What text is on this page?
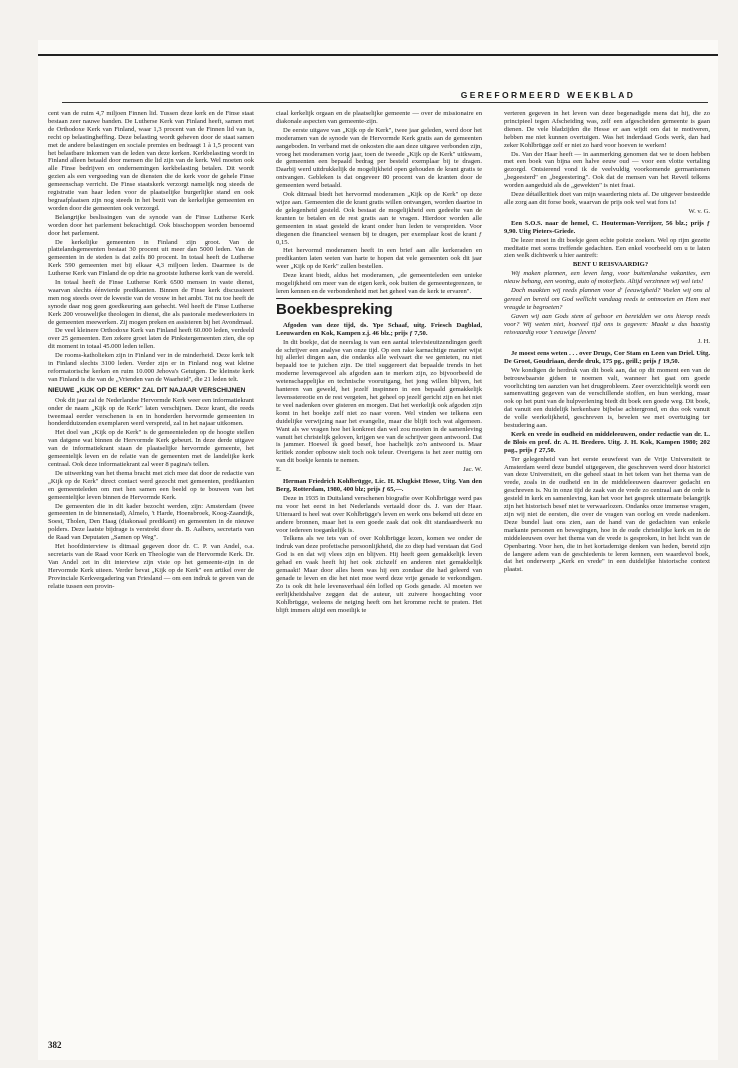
GEREFORMEERD WEEKBLAD

cent van de ruim 4,7 miljoen Finnen lid. Tussen deze kerk en de Finse staat bestaan zeer nauwe banden. De Lutherse Kerk van Finland heeft, samen met de Orthodoxe Kerk van Finland, waar 1,3 procent van de Finnen lid van is, recht op belastingheffing. Deze belasting wordt geheven door de staat samen met de andere belastingen en sociale premies en bedraagt 1 à 1,5 procent van het belastbare inkomen van de leden van deze kerken. Kerkbelasting wordt in Finland alleen betaald door mensen die lid zijn van de kerk. Wel moeten ook alle Finse bedrijven en ondernemingen kerkbelasting betalen. Dit wordt gezien als een vergoeding van de diensten die de kerk voor de gehele Finse gemeenschap verricht. De Finse staatskerk verzorgt namelijk nog steeds de registratie van haar leden voor de plaatselijke burgerlijke stand en ook begraafplaatsen zijn nog steeds in het bezit van de kerkelijke gemeenten en worden door die gemeenten ook verzorgd.

Belangrijke beslissingen van de synode van de Finse Lutherse Kerk worden door het parlement bekrachtigd. Ook bisschoppen worden benoemd door het parlement.

De kerkelijke gemeenten in Finland zijn groot. Van de plattelandsgemeenten bestaat 30 procent uit meer dan 5000 leden. Van de gemeenten in de steden is dat zelfs 80 procent. In totaal heeft de Lutherse Kerk 590 gemeenten met bij elkaar 4,3 miljoen leden. Daarmee is de Lutherse Kerk van Finland de op drie na grootste lutherse kerk van de wereld.

In totaal heeft de Finse Lutherse Kerk 6500 mensen in vaste dienst, waarvan slechts éénvierde predikanten. Binnen de Finse kerk discussieert men nog steeds over de kwestie van de vrouw in het ambt. Tot nu toe heeft de synode daar nog geen goedkeuring aan gehecht. Wel heeft de Finse Lutherse Kerk 200 vrouwelijke theologen in dienst, die als pastorale medewerksters in de gemeenten meewerken. Zij mogen preken en assisteren bij het Avondmaal.

De veel kleinere Orthodoxe Kerk van Finland heeft 60.000 leden, verdeeld over 25 gemeenten. Een zekere groei laten de Pinkstergemeenten zien, die op dit moment in totaal 45.000 leden tellen.

De rooms-katholieken zijn in Finland ver in de minderheid. Deze kerk telt in Finland slechts 3100 leden. Verder zijn er in Finland nog wat kleine reformatorische kerken en ruim 10.000 Jehova's Getuigen. De kleinste kerk van Finland is die van de „Vrienden van de Waarheid", die 21 leden telt.

NIEUWE „KIJK OP DE KERK" ZAL DIT NAJAAR VERSCHIJNEN

Ook dit jaar zal de Nederlandse Hervormde Kerk weer een informatiekrant onder de naam „Kijk op de Kerk" laten verschijnen. Deze krant, die reeds tweemaal eerder verschenen is en in honderden hervormde gemeenten in honderdduizenden exemplaren werd verspreid, zal in het najaar uitkomen.

Het doel van „Kijk op de Kerk" is de gemeenteleden op de hoogte stellen van datgene wat binnen de Hervormde Kerk gebeurt. In deze derde uitgave van de informatiekrant staan de plaatselijke hervormde gemeente, het gemeentelijk leven en de relatie van de gemeenten met de landelijke kerk centraal. Ook deze informatiekrant zal weer 8 pagina's tellen.

De uitwerking van het thema bracht met zich mee dat door de redactie van „Kijk op de Kerk" direct contact werd gezocht met gemeenten, predikanten en gemeenteleden om met hen samen een beeld op te bouwen van het gemeentelijke leven binnen de Hervormde Kerk.

De gemeenten die in dit kader bezocht werden, zijn: Amsterdam (twee gemeenten in de binnenstad), Almelo, 't Harde, Hoensbroek, Koog-Zaandijk, Soest, Tholen, Den Haag (diakonaal predikant) en gemeenten in de nieuwe polders. Deze laatste bijdrage is verstrekt door ds. B. Aalbers, secretaris van de Raad van Deputaten „Samen op Weg".

Het hoofdinterview is ditmaal gegeven door dr. C. P. van Andel, o.a. secretaris van de Raad voor Kerk en Theologie van de Hervormde Kerk. Dr. Van Andel zet in dit interview zijn visie op het gemeente-zijn in de Hervormde Kerk uiteen. Verder bevat „Kijk op de Kerk" een artikel over de Provinciale Kerkvergadering van Friesland — om een indruk te geven van de relatie tussen een provin-

ciaal kerkelijk orgaan en de plaatselijke gemeente — over de missionaire en diakonale aspecten van gemeente-zijn.

De eerste uitgave van „Kijk op de Kerk", twee jaar geleden, werd door het moderamen van de synode van de Hervormde Kerk gratis aan de gemeenten aangeboden. In verband met de onkosten die aan deze uitgave verbonden zijn, vroeg het moderamen vorig jaar, toen de tweede „Kijk op de Kerk" uitkwam, de gemeenten een bepaald bedrag per besteld exemplaar bij te dragen. Daarbij werd uitdrukkelijk de mogelijkheid open gehouden de krant gratis te ontvangen. Gebleken is dat ongeveer 80 procent van de kranten door de gemeenten werd betaald.

Ook ditmaal biedt het hervormd moderamen „Kijk op de Kerk" op deze wijze aan. Gemeenten die de krant gratis willen ontvangen, worden daartoe in de gelegenheid gesteld. Ook bestaat de mogelijkheid een gedeelte van de kranten te betalen en de rest gratis aan te vragen. Hierdoor worden alle gemeenten in staat gesteld de krant onder hun leden te verspreiden. Voor diegenen die financieel wensen bij te dragen, per exemplaar kost de krant ƒ 0,15.

Het hervormd moderamen heeft in een brief aan alle kerkeraden en predikanten laten weten van harte te hopen dat vele gemeenten ook dit jaar weer „Kijk op de Kerk" zullen bestellen.

Deze krant biedt, aldus het moderamen, „de gemeenteleden een unieke mogelijkheid om meer van de eigen kerk, ook buiten de gemeentegrenzen, te leren kennen en de verbondenheid met het geheel van de kerk te ervaren".

Boekbespreking

Afgoden van deze tijd, ds. Ype Schaaf, uitg. Friesch Dagblad, Leeuwarden en Kok, Kampen z.j. 46 blz.; prijs ƒ 7,50.

In dit boekje, dat de neerslag is van een aantal televisieuitzendingen geeft de schrijver een analyse van onze tijd. Op een rake karnachtige manier wijst hij allerlei dingen aan, die ondanks alle welvaart die we genieten, nu niet bepaald toe te juichen zijn. De titel suggereert dat bepaalde trends in het moderne levensgevoel als afgoden aan te merken zijn, zo bijvoorbeeld de wetenschappelijke en technische vooruitgang, het jong willen blijven, het hanteren van geweld, het jezelf inspinnen in een bepaald gemakkelijk levensstereotie en de rest vergeten, het geheel op jezelf gericht zijn en het niet te veel nadenken over gisteren en morgen. Dat het werkelijk ook afgoden zijn komt in het boekje zelf niet zo naar voren. Wel vinden we telkens een duidelijke verwijzing naar het evangelie, maar die blijft toch wat algemeen. Want als we vragen hoe het konkreet dan wel zou moeten in de samenleving vanuit het christelijk geloven, krijgen we van de schrijver geen antwoord. Dat is jammer. Hoewel ik goed besef, hoe hachelijk zo'n antwoord is. Maar kritiek zonder opbouw stelt toch ook teleur. Overigens is het zeer nuttig om van dit boekje kennis te nemen.

E.	Jac. W.

Herman Friedrich Kohlbrügge, Lic. H. Klugkist Hesse, Uitg. Van den Berg, Rotterdam, 1980, 400 blz; prijs ƒ 65,—.

Deze in 1935 in Duitsland verschenen biografie over Kohlbrügge werd pas nu voor het eerst in het Nederlands vertaald door ds. J. van der Haar. Uiteraard is heel wat over Kohlbrügge's leven en werk ons bekend uit deze en andere bronnen, maar het is een goede zaak dat ook dit standaardwerk nu voor iedereen toegankelijk is.

Telkens als we iets van of over Kohlbrügge lezen, komen we onder de indruk van deze profetische persoonlijkheid, die zo diep had verstaan dat God God is en dat wij vlees zijn en blijven. Hij heeft geen gemakkelijk leven gehad en vaak heeft hij het ook zichzelf en anderen niet gemakkelijk gemaakt! Maar door alles heen was hij een zondaar die had geleerd van genade te leven en die het niet moe werd deze vrije genade te verkondigen. Zo is ook dit hele levensverhaal één lofled op Gods genade. Al moeten we eerlijkheidshalve zeggen dat de auteur, uit zuivere hoogachting voor Kohlbrügge, weleens de neiging heeft om het kromme recht te praten. Het blijft immers altijd een moeilijk te

verteren gegeven in het leven van deze begenadigde mens dat hij, die zo principieel tegen Afscheiding was, zelf een afgescheiden gemeente is gaan dienen. De vele bladzijden die Hesse er aan wijdt om dat te motiveren, hebben me niet kunnen overtuigen. Was het inderdaad Gods werk, dan had zeker Kohlbrügge zelf er niet zo hard voor hoeven te werken!

Ds. Van der Haar heeft — in aanmerking genomen dat we te doen hebben met een boek van bijna een halve eeuw oud — voor een vlotte vertaling gezorgd. Ontsierend vond ik de veelvuldig voorkomende germanismen „begeesterd" en „begeestering". Ook dat de mensen van het Reveil telkens worden aangeduid als de „gewekten" is niet fraai.

Deze détailkritiek doet van mijn waardering niets af. De uitgever besteedde alle zorg aan dit forse boek, waarvan de prijs ook wel wat fors is!

W. v. G.

Een S.O.S. naar de hemel, C. Houterman-Verrijzer, 56 blz.; prijs ƒ 9,90. Uitg Pieters-Griede.

De lezer moet in dit boekje geen echte poëzie zoeken. Wel op rijm gezette meditatie met soms treffende gedachten. Een enkel voorbeeld om u te laten zien welk dichtwerk u hier aantreft:

BENT U REISVAARDIG?

Wij maken plannen, een leven lang, voor buitenlandse vakanties, een nieuw behang, een woning, auto of motorfiets. Altijd verzinnen wij wel iets!

Doch maakten wij reeds plannen voor d' [eeuwigheid? Voelen wij ons al gereed en bereid om God wellicht vandaag reeds te ontmoeten en Hem met vreugde te begroeten?

Gaven wij aan Gods stem al gehoor en bereidden we ons hierop reeds voor? Wij weten niet, hoeveel tijd ons is gegeven: Maakt u dus haastig reisvaardig voor 't eeuwige [leven!

J. H.

Je moest eens weten . . . over Drugs, Cor Stam en Leen van Driel. Uitg. De Groot, Goudriaan, derde druk, 175 pg., geill.; prijs ƒ 19,50.

We kondigen de herdruk van dit boek aan, dat op dit moment een van de betrouwbaarste gidsen te noemen valt, wanneer het gaat om goede voorlichting ten aanzien van het drugprobleem. Zeer overzichtelijk wordt een samenvatting gegeven van de verschillende stoffen, en hun werking, maar ook op het punt van de hulpverlening biedt dit boek een goede weg. Dit boek, dat vanuit een duidelijk herkenbare bijbelse achtergrond, en dus ook vanuit de volle werkelijkheid, geschreven is, bevelen we met overtuiging ter bestudering aan.

Kerk en vrede in oudheid en middeleeuwen, onder redactie van dr. L. de Blois en prof. dr. A. H. Bredero. Uitg. J. H. Kok, Kampen 1980; 202 pag., prijs ƒ 27,50.

Ter gelegenheid van het eerste eeuwfeest van de Vrije Universiteit te Amsterdam werd deze bundel uitgegeven, die geschreven werd door historici van deze Universiteit, en die geheel staat in het teken van het thema van de vrede, zoals in de oudheid en in de middeleeuwen daarover gedacht en geschreven is. Nu in onze tijd de zaak van de vrede zo centraal aan de orde is gesteld in kerk en samenleving, kan het voor het gesprek uitermate belangrijk zijn het historisch besef niet te verwaarlozen. Ondanks onze immense vragen, zijn wij niet de eersten, die over de vragen van oorlog en vrede nadenken. Deze bundel laat ons zien, aan de hand van de gedachten van enkele markante personen en bewegingen, hoe in de oude christelijke kerk en in de middeleeuwen over het thema van de vrede is gesproken, in het licht van de Openbaring. Voor hen, die in het kortademige denken van heden, bereid zijn de langere adem van de geschiedenis te leren kennen, een waardevol boek, dat het onderwerp „Kerk en vrede" in een duidelijke historische context plaatst.

382
